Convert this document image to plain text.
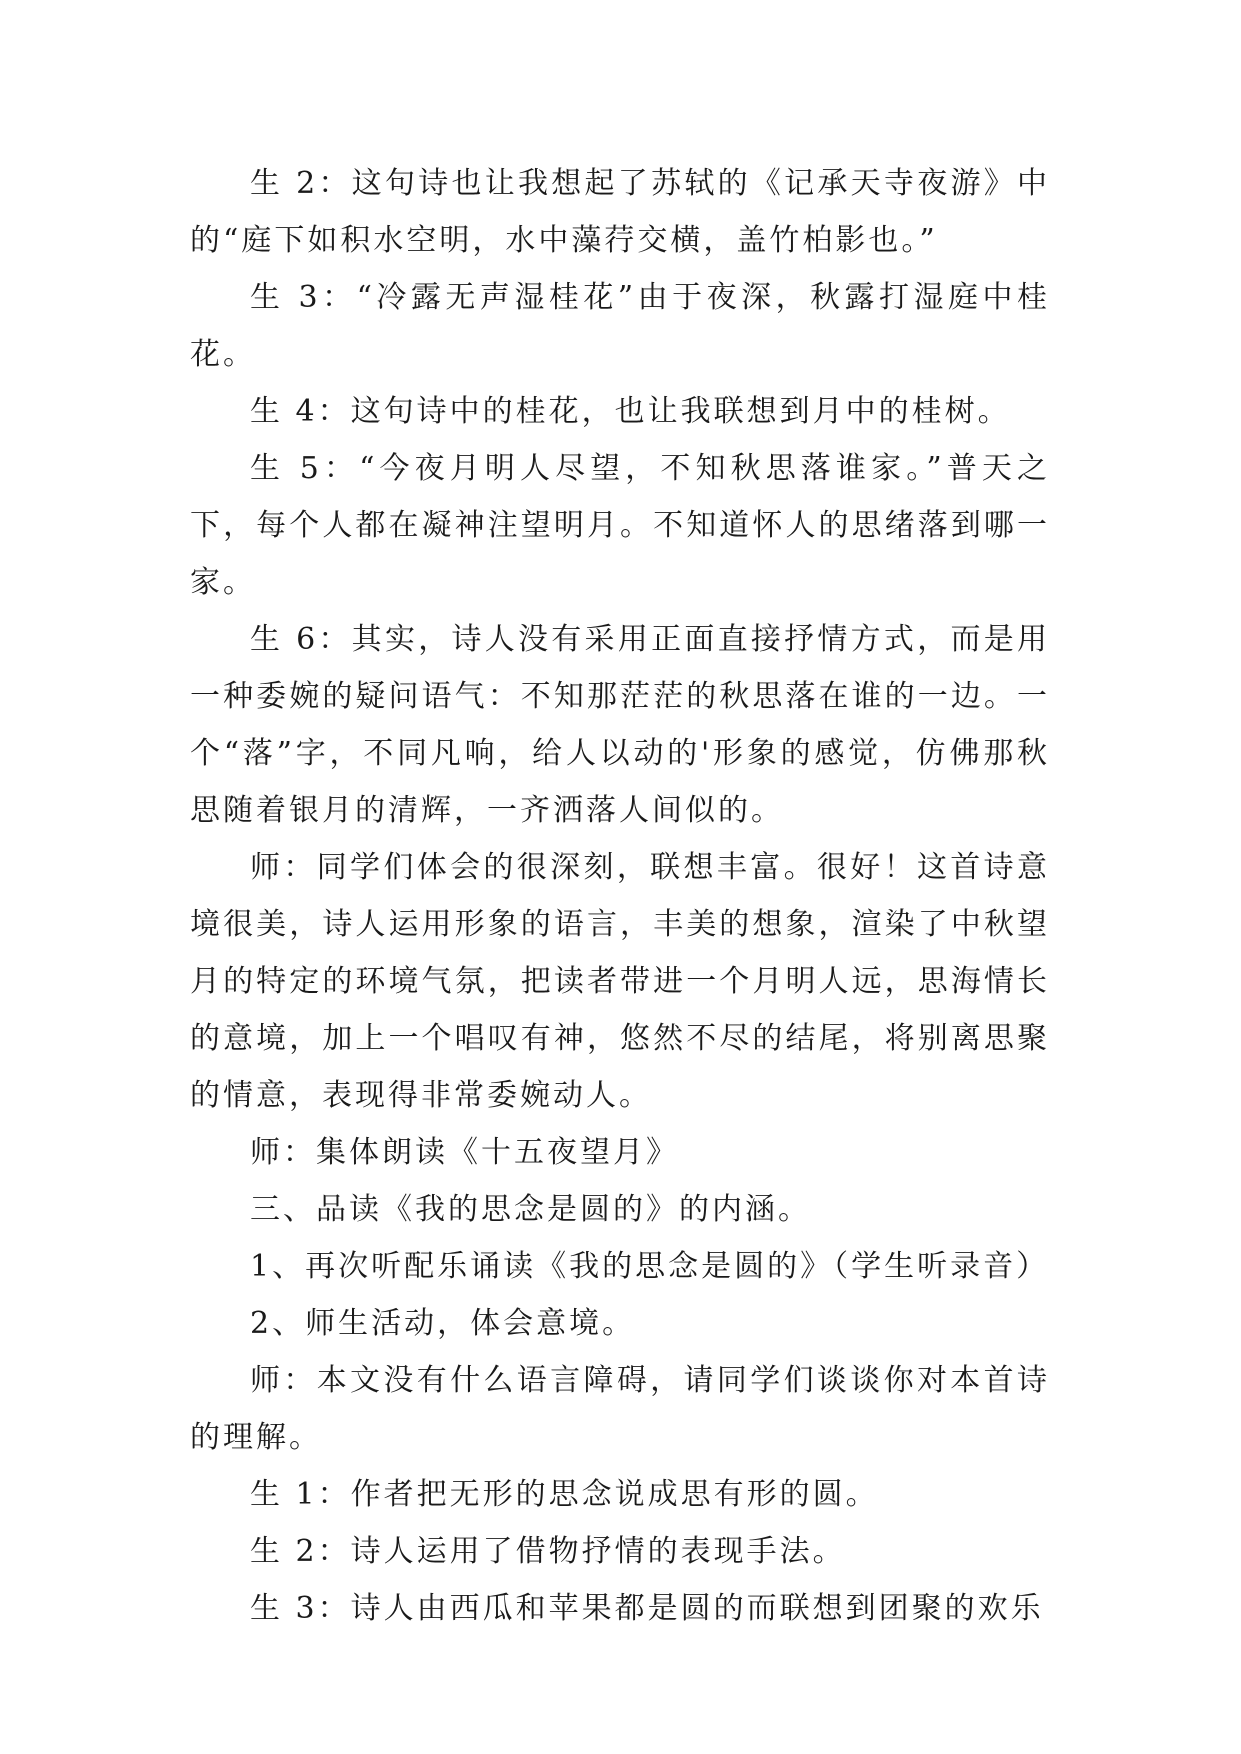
生 2：这句诗也让我想起了苏轼的《记承天寺夜游》中的“庭下如积水空明，水中藻荇交横，盖竹柏影也。”

生 3：“冷露无声湿桂花”由于夜深，秋露打湿庭中桂花。

生 4：这句诗中的桂花，也让我联想到月中的桂树。

生 5：“今夜月明人尽望，不知秋思落谁家。”普天之下，每个人都在凝神注望明月。不知道怀人的思绪落到哪一家。

生 6：其实，诗人没有采用正面直接抒情方式，而是用一种委婉的疑问语气：不知那茫茫的秋思落在谁的一边。一个“落”字，不同凡响，给人以动的'形象的感觉，仿佛那秋思随着银月的清辉，一齐洒落人间似的。

师：同学们体会的很深刻，联想丰富。很好！这首诗意境很美，诗人运用形象的语言，丰美的想象，渲染了中秋望月的特定的环境气氛，把读者带进一个月明人远，思海情长的意境，加上一个唱叹有神，悠然不尽的结尾，将别离思聚的情意，表现得非常委婉动人。

师：集体朗读《十五夜望月》

三、品读《我的思念是圆的》的内涵。

1、再次听配乐诵读《我的思念是圆的》（学生听录音）

2、师生活动，体会意境。

师：本文没有什么语言障碍，请同学们谈谈你对本首诗的理解。

生 1：作者把无形的思念说成思有形的圆。

生 2：诗人运用了借物抒情的表现手法。

生 3：诗人由西瓜和苹果都是圆的而联想到团聚的欢乐
